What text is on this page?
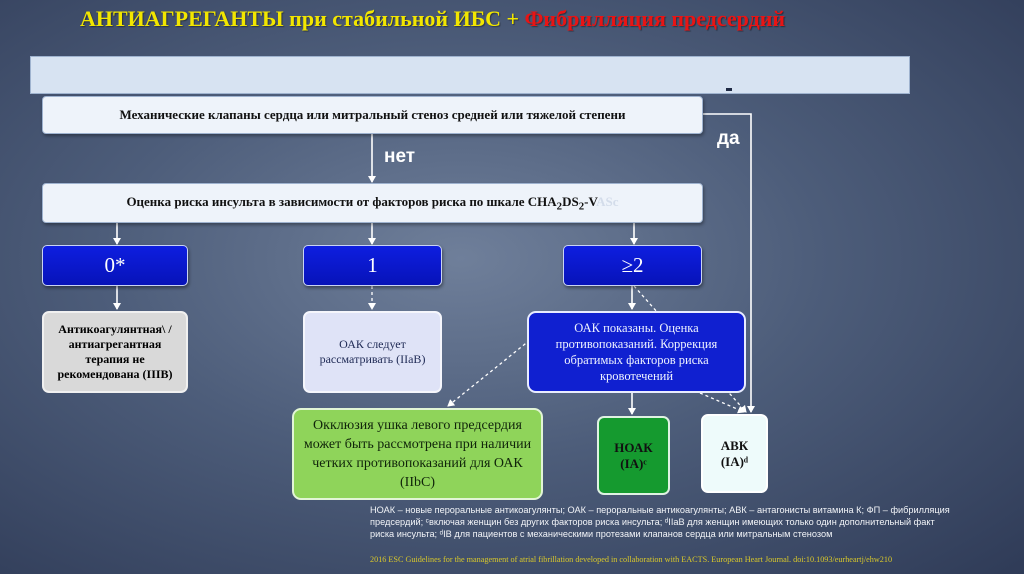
АНТИАГРЕГАНТЫ при стабильной ИБС + Фибрилляция предсердий
Механические клапаны сердца или митральный стеноз средней или тяжелой степени
нет
да
Оценка риска инсульта в зависимости от факторов риска по шкале $CHA_2DS_2$-VASc
0*	1	≥2
Антикоагулянтная\ /антиагрегантная терапия не рекомендована (IIIB)
ОАК следует рассматривать (IIaB)
ОАК показаны. Оценка противопоказаний. Коррекция обратимых факторов риска кровотечений
Окклюзия ушка левого предсердия может быть рассмотрена при наличии четких противопоказаний для ОАК (IIbC)
НОАК
(IA)ᶜ
АВК
(IA)ᵈ
НОАК – новые пероральные антикоагулянты; ОАК – пероральные антикоагулянты; АВК – антагонисты витамина К; ФП – фибрилляция
предсердий; ᶜвключая женщин без других факторов риска инсульта; ᵈIIaB для женщин имеющих только один дополнительный факт
риска инсульта; ᵈIB для пациентов с механическими протезами клапанов сердца или митральным стенозом
2016 ESC Guidelines for the management of atrial fibrillation developed in collaboration with EACTS. European Heart Journal. doi:10.1093/eurheartj/ehw210
